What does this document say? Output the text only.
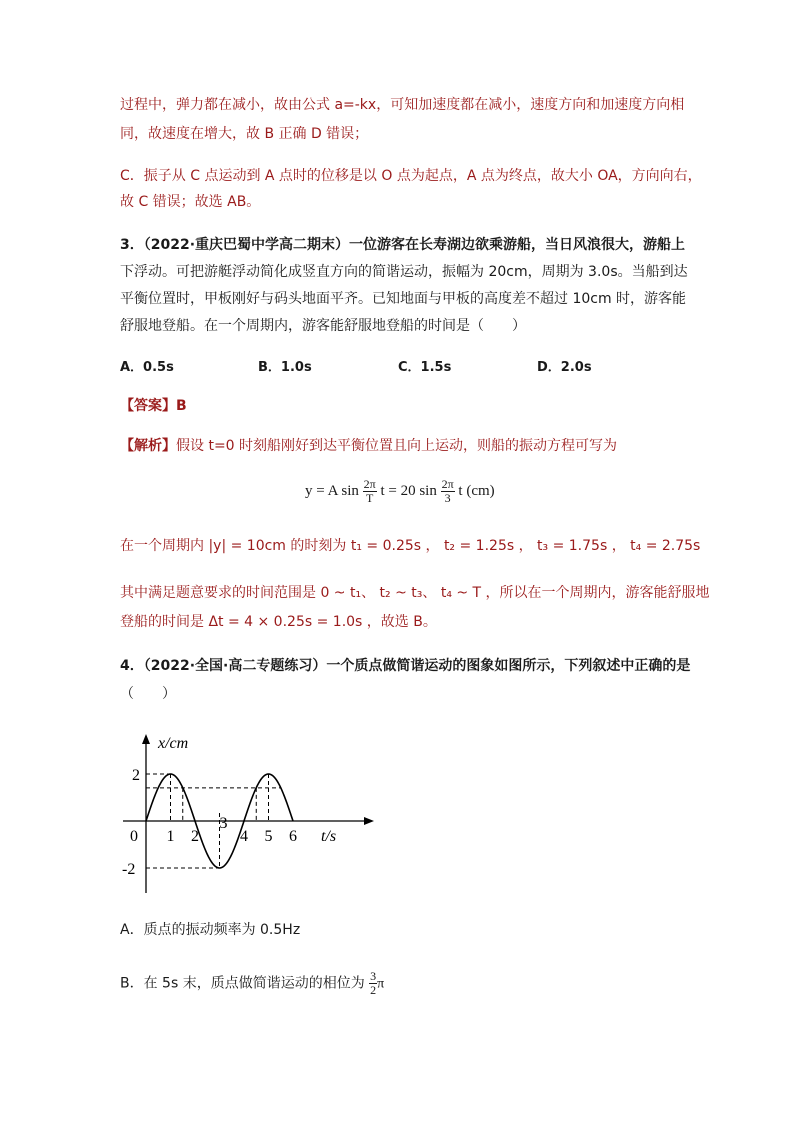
过程中，弹力都在减小，故由公式 a=-kx，可知加速度都在减小，速度方向和加速度方向相
同，故速度在增大，故 B 正确 D 错误；
C．振子从 C 点运动到 A 点时的位移是以 O 点为起点，A 点为终点，故大小 OA，方向向右，
故 C 错误；故选 AB。
3．（2022·重庆巴蜀中学高二期末）一位游客在长寿湖边欲乘游船，当日风浪很大，游船上
下浮动。可把游艇浮动简化成竖直方向的简谐运动，振幅为 20cm，周期为 3.0s。当船到达
平衡位置时，甲板刚好与码头地面平齐。已知地面与甲板的高度差不超过 10cm 时，游客能
舒服地登船。在一个周期内，游客能舒服地登船的时间是（　　）
A．0.5s	B．1.0s	C．1.5s	D．2.0s
【答案】B
【解析】假设 t=0 时刻船刚好到达平衡位置且向上运动，则船的振动方程可写为
y = A $\sin \frac{2\pi}{T}$ t = 20 $\sin \frac{2\pi}{3}$ t (cm)
在一个周期内 |y| = 10cm 的时刻为 t₁ = 0.25s ， t₂ = 1.25s ， t₃ = 1.75s ， t₄ = 2.75s
其中满足题意要求的时间范围是 0 ~ t₁、 t₂ ~ t₃、 t₄ ~ T ，所以在一个周期内，游客能舒服地
登船的时间是 Δt = 4 × 0.25s = 1.0s ，故选 B。
4．（2022·全国·高二专题练习）一个质点做简谐运动的图象如图所示，下列叙述中正确的是
（　　）
x/cm
t/s
0 1 2
3
4 5 6
2
-2
A．质点的振动频率为 0.5Hz
B．在 5s 末，质点做简谐运动的相位为 $\frac{3}{2}$ π
